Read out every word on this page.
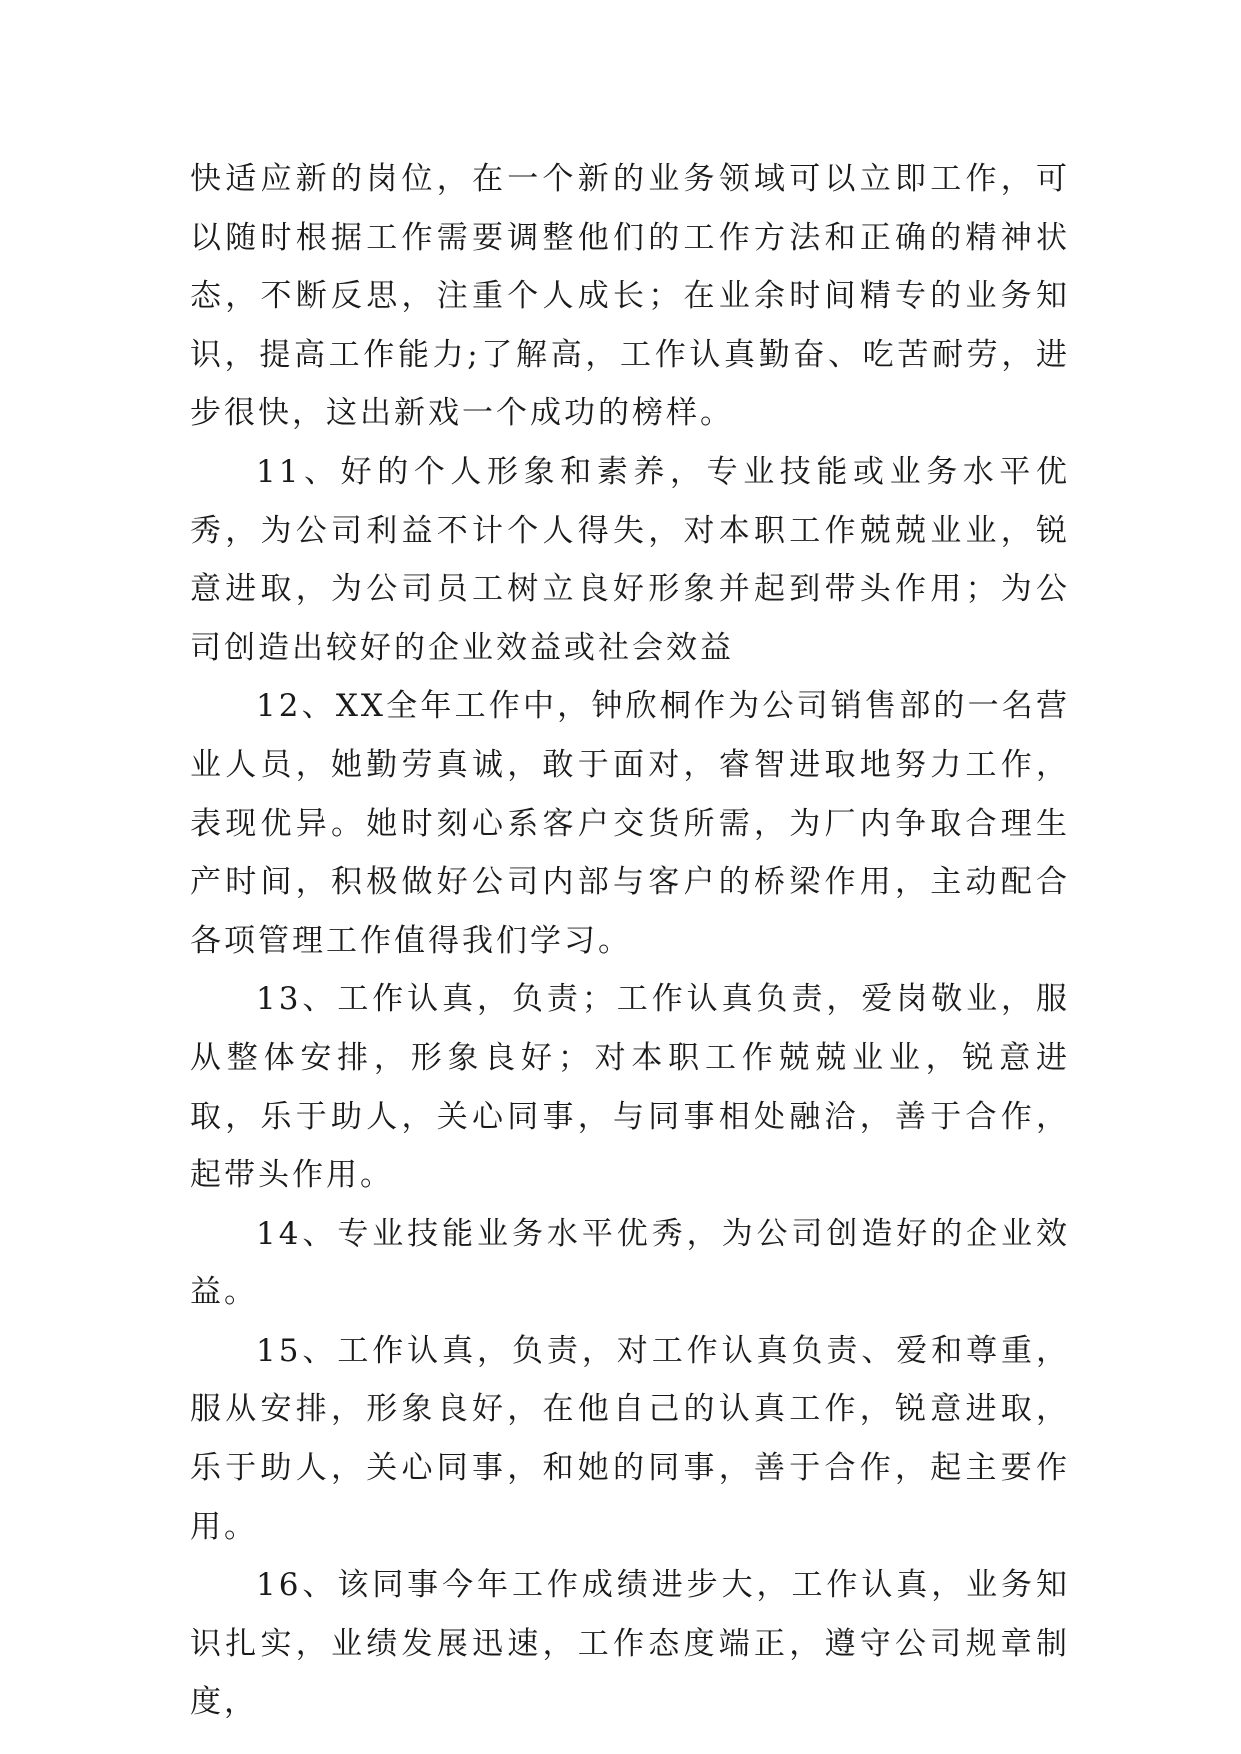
快适应新的岗位，在一个新的业务领域可以立即工作，可以随时根据工作需要调整他们的工作方法和正确的精神状态，不断反思，注重个人成长；在业余时间精专的业务知识，提高工作能力;了解高，工作认真勤奋、吃苦耐劳，进步很快，这出新戏一个成功的榜样。

11、好的个人形象和素养，专业技能或业务水平优秀，为公司利益不计个人得失，对本职工作兢兢业业，锐意进取，为公司员工树立良好形象并起到带头作用；为公司创造出较好的企业效益或社会效益

12、XX全年工作中，钟欣桐作为公司销售部的一名营业人员，她勤劳真诚，敢于面对，睿智进取地努力工作，表现优异。她时刻心系客户交货所需，为厂内争取合理生产时间，积极做好公司内部与客户的桥梁作用，主动配合各项管理工作值得我们学习。

13、工作认真，负责；工作认真负责，爱岗敬业，服从整体安排，形象良好；对本职工作兢兢业业，锐意进取，乐于助人，关心同事，与同事相处融洽，善于合作，起带头作用。

14、专业技能业务水平优秀，为公司创造好的企业效益。

15、工作认真，负责，对工作认真负责、爱和尊重，服从安排，形象良好，在他自己的认真工作，锐意进取，乐于助人，关心同事，和她的同事，善于合作，起主要作用。

16、该同事今年工作成绩进步大，工作认真，业务知识扎实，业绩发展迅速，工作态度端正，遵守公司规章制度，
